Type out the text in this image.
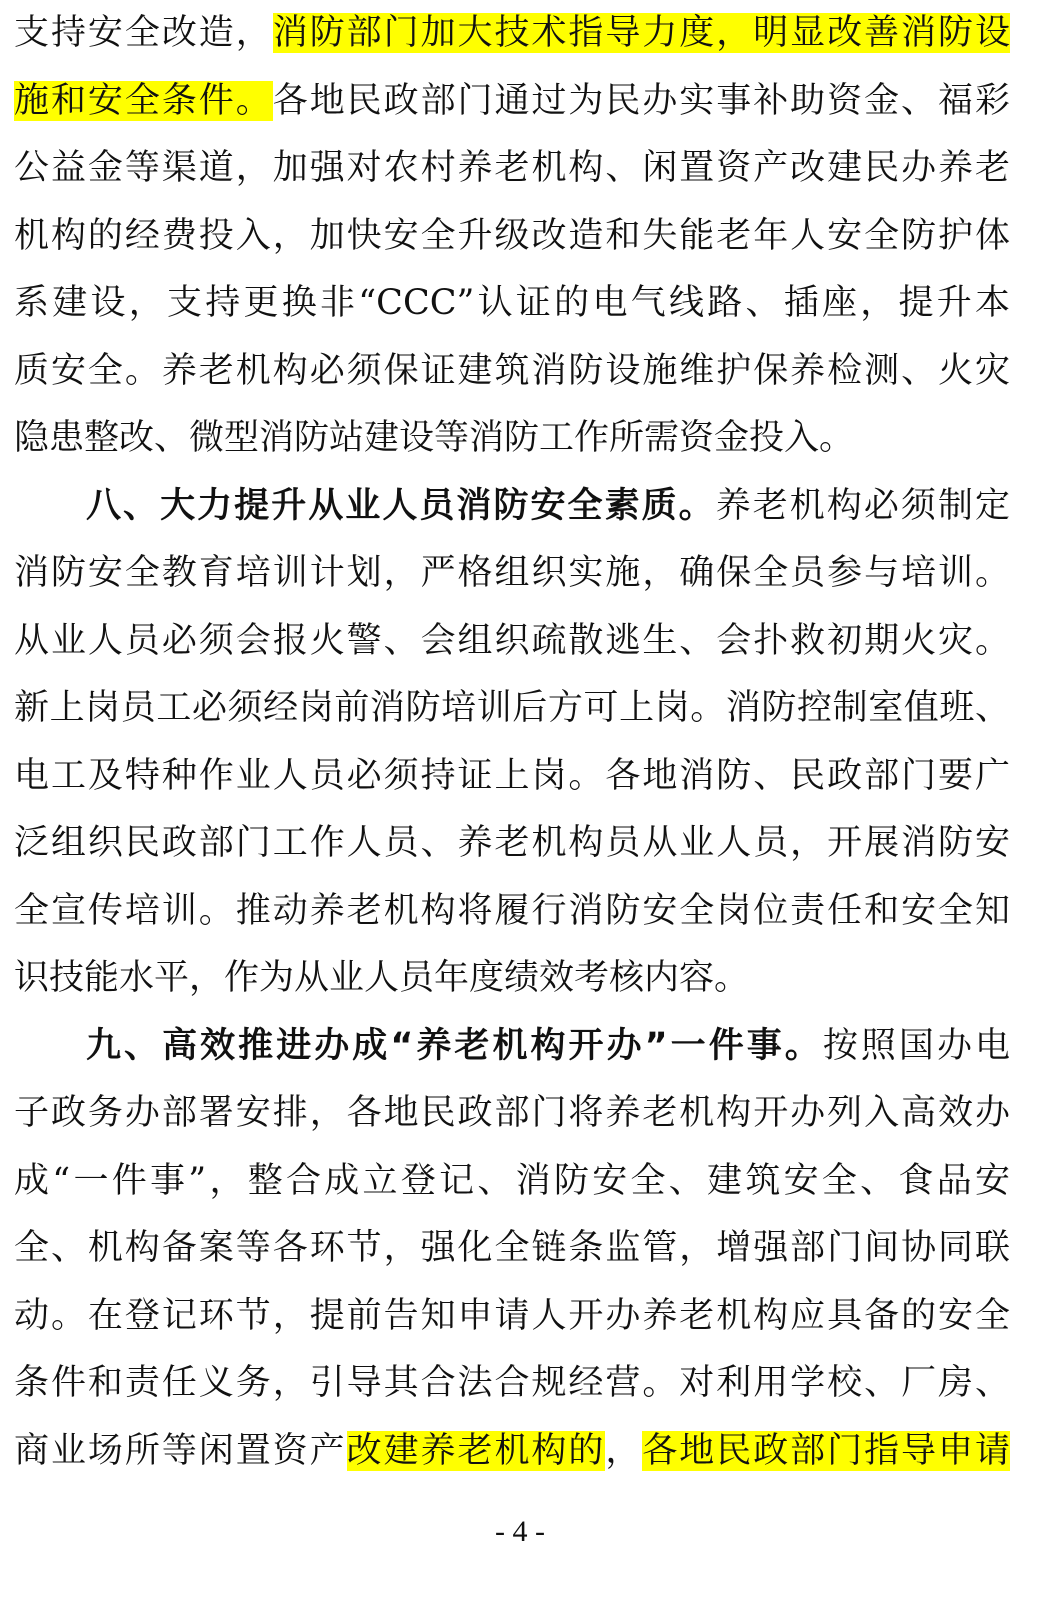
支持安全改造，消防部门加大技术指导力度，明显改善消防设
施和安全条件。各地民政部门通过为民办实事补助资金、福彩
公益金等渠道，加强对农村养老机构、闲置资产改建民办养老
机构的经费投入，加快安全升级改造和失能老年人安全防护体
系建设，支持更换非“CCC”认证的电气线路、插座，提升本
质安全。养老机构必须保证建筑消防设施维护保养检测、火灾
隐患整改、微型消防站建设等消防工作所需资金投入。
八、大力提升从业人员消防安全素质。养老机构必须制定
消防安全教育培训计划，严格组织实施，确保全员参与培训。
从业人员必须会报火警、会组织疏散逃生、会扑救初期火灾。
新上岗员工必须经岗前消防培训后方可上岗。消防控制室值班、
电工及特种作业人员必须持证上岗。各地消防、民政部门要广
泛组织民政部门工作人员、养老机构员从业人员，开展消防安
全宣传培训。推动养老机构将履行消防安全岗位责任和安全知
识技能水平，作为从业人员年度绩效考核内容。
九、高效推进办成“养老机构开办”一件事。按照国办电
子政务办部署安排，各地民政部门将养老机构开办列入高效办
成“一件事”，整合成立登记、消防安全、建筑安全、食品安
全、机构备案等各环节，强化全链条监管，增强部门间协同联
动。在登记环节，提前告知申请人开办养老机构应具备的安全
条件和责任义务，引导其合法合规经营。对利用学校、厂房、
商业场所等闲置资产改建养老机构的，各地民政部门指导申请
- 4 -
